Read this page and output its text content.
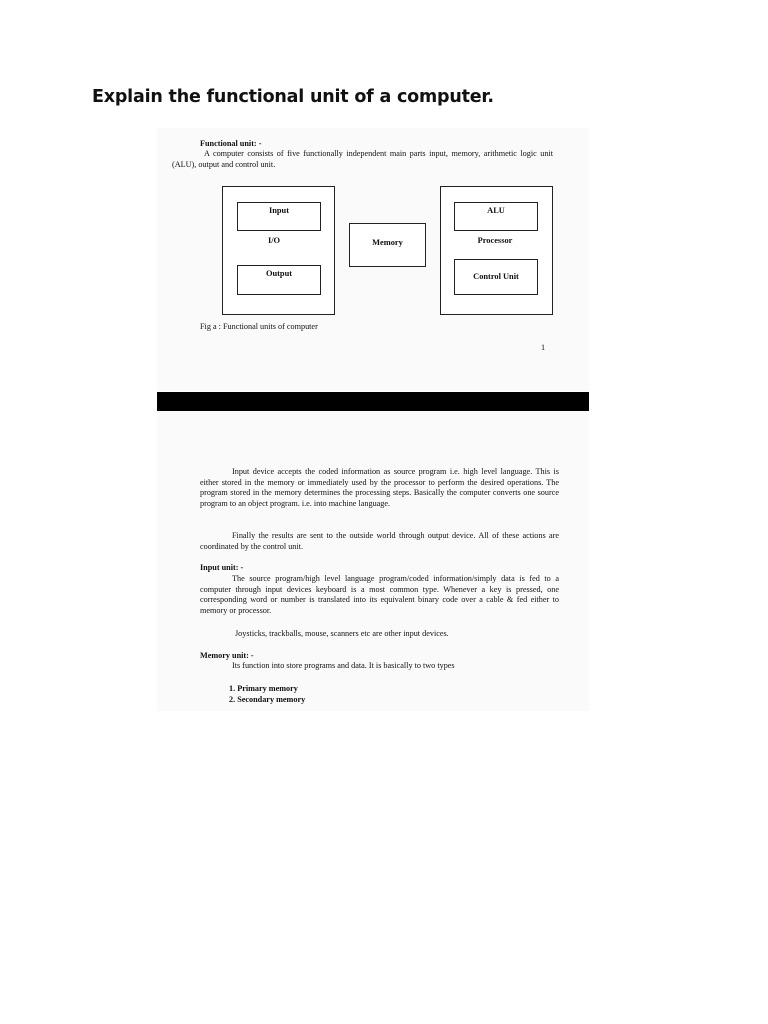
Explain the functional unit of a computer.
Functional unit: -
A computer consists of five functionally independent main parts input, memory, arithmetic logic unit (ALU), output and control unit.
Input
I/O
Output
Memory
ALU
Processor
Control Unit
Fig a : Functional units of computer
1
Input device accepts the coded information as source program i.e. high level language. This is either stored in the memory or immediately used by the processor to perform the desired operations. The program stored in the memory determines the processing steps. Basically the computer converts one source program to an object program. i.e. into machine language.
Finally the results are sent to the outside world through output device. All of these actions are coordinated by the control unit.
Input unit: -
The source program/high level language program/coded information/simply data is fed to a computer through input devices keyboard is a most common type. Whenever a key is pressed, one corresponding word or number is translated into its equivalent binary code over a cable & fed either to memory or processor.
Joysticks, trackballs, mouse, scanners etc are other input devices.
Memory unit: -
Its function into store programs and data. It is basically to two types
1. Primary memory
2. Secondary memory
